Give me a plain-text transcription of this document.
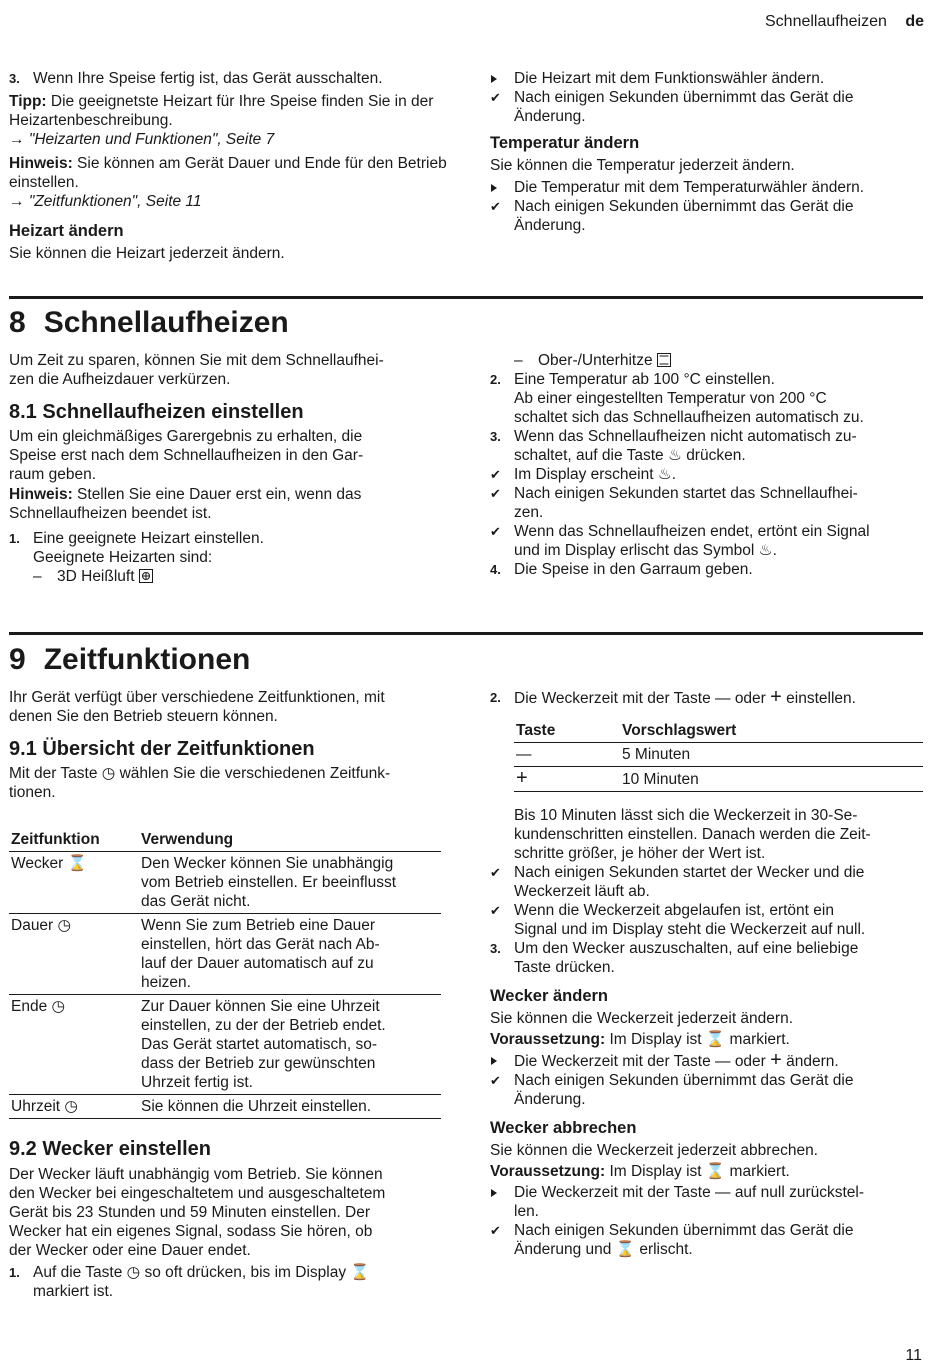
Schnellaufheizen de
3. Wenn Ihre Speise fertig ist, das Gerät ausschalten.

Tipp: Die geeignetste Heizart für Ihre Speise finden Sie in der Heizartenbeschreibung.

→ "Heizarten und Funktionen", Seite 7

Hinweis: Sie können am Gerät Dauer und Ende für den Betrieb einstellen.

→ "Zeitfunktionen", Seite 11

Heizart ändern

Sie können die Heizart jederzeit ändern.

Die Heizart mit dem Funktionswähler ändern.
✔ Nach einigen Sekunden übernimmt das Gerät die Änderung.

Temperatur ändern

Sie können die Temperatur jederzeit ändern.

Die Temperatur mit dem Temperaturwähler ändern.
✔ Nach einigen Sekunden übernimmt das Gerät die Änderung.
8 Schnellaufheizen

Um Zeit zu sparen, können Sie mit dem Schnellaufhei-

zen die Aufheizdauer verkürzen.

8.1 Schnellaufheizen einstellen

Um ein gleichmäßiges Garergebnis zu erhalten, die

Speise erst nach dem Schnellaufheizen in den Gar-

raum geben.

Hinweis: Stellen Sie eine Dauer erst ein, wenn das

Schnellaufheizen beendet ist.

1. Eine geeignete Heizart einstellen.
Geeignete Heizarten sind:
– 3D Heißluft
– Ober-/Unterhitze
2. Eine Temperatur ab 100 °C einstellen.
Ab einer eingestellten Temperatur von 200 °C
schaltet sich das Schnellaufheizen automatisch zu.
3. Wenn das Schnellaufheizen nicht automatisch zu-
schaltet, auf die Taste ♨ drücken.
✔ Im Display erscheint ♨.
✔ Nach einigen Sekunden startet das Schnellaufhei-
zen.
✔ Wenn das Schnellaufheizen endet, ertönt ein Signal
und im Display erlischt das Symbol ♨.
4. Die Speise in den Garraum geben.
9 Zeitfunktionen

Ihr Gerät verfügt über verschiedene Zeitfunktionen, mit

denen Sie den Betrieb steuern können.

9.1 Übersicht der Zeitfunktionen

Mit der Taste ◷ wählen Sie die verschiedenen Zeitfunk-

tionen.

Zeitfunktion	Verwendung
Wecker ⌛	Den Wecker können Sie unabhängig
vom Betrieb einstellen. Er beeinflusst
das Gerät nicht.
Dauer ◷	Wenn Sie zum Betrieb eine Dauer
einstellen, hört das Gerät nach Ab-
lauf der Dauer automatisch auf zu
heizen.
Ende ◷	Zur Dauer können Sie eine Uhrzeit
einstellen, zu der der Betrieb endet.
Das Gerät startet automatisch, so-
dass der Betrieb zur gewünschten
Uhrzeit fertig ist.
Uhrzeit ◷	Sie können die Uhrzeit einstellen.

9.2 Wecker einstellen

Der Wecker läuft unabhängig vom Betrieb. Sie können

den Wecker bei eingeschaltetem und ausgeschaltetem

Gerät bis 23 Stunden und 59 Minuten einstellen. Der

Wecker hat ein eigenes Signal, sodass Sie hören, ob

der Wecker oder eine Dauer endet.

1. Auf die Taste ◷ so oft drücken, bis im Display ⌛
markiert ist.
2. Die Weckerzeit mit der Taste — oder + einstellen.
Taste	Vorschlagswert
—	5 Minuten
+	10 Minuten
Bis 10 Minuten lässt sich die Weckerzeit in 30-Se-
kundenschritten einstellen. Danach werden die Zeit-
schritte größer, je höher der Wert ist.
✔ Nach einigen Sekunden startet der Wecker und die
Weckerzeit läuft ab.
✔ Wenn die Weckerzeit abgelaufen ist, ertönt ein
Signal und im Display steht die Weckerzeit auf null.
3. Um den Wecker auszuschalten, auf eine beliebige
Taste drücken.

Wecker ändern

Sie können die Weckerzeit jederzeit ändern.

Voraussetzung: Im Display ist ⌛ markiert.

Die Weckerzeit mit der Taste — oder + ändern.
✔ Nach einigen Sekunden übernimmt das Gerät die
Änderung.

Wecker abbrechen

Sie können die Weckerzeit jederzeit abbrechen.

Voraussetzung: Im Display ist ⌛ markiert.

Die Weckerzeit mit der Taste — auf null zurückstel-
len.
✔ Nach einigen Sekunden übernimmt das Gerät die
Änderung und ⌛ erlischt.
11
